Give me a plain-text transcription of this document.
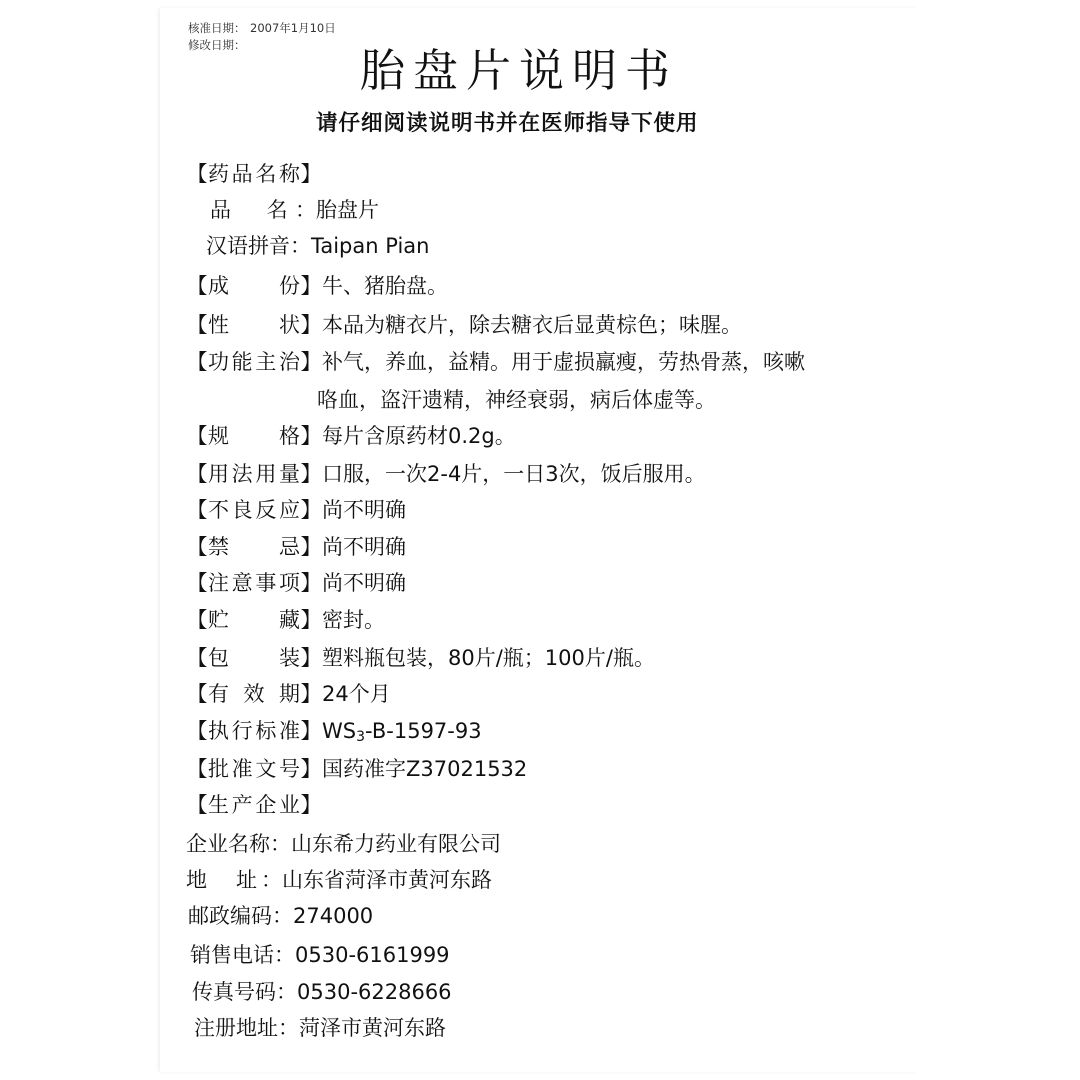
核准日期： 2007年1月10日
修改日期：	胎盘片说明书
请仔细阅读说明书并在医师指导下使用
【药品名称】
品　名：胎盘片
汉语拼音：Taipan Pian
【成份】牛、猪胎盘。
【性状】本品为糖衣片，除去糖衣后显黄棕色；味腥。
【功能主治】补气，养血，益精。用于虚损羸瘦，劳热骨蒸，咳嗽
咯血，盗汗遗精，神经衰弱，病后体虚等。
【规格】每片含原药材0.2g。
【用法用量】口服，一次2-4片，一日3次，饭后服用。
【不良反应】尚不明确
【禁忌】尚不明确
【注意事项】尚不明确
【贮藏】密封。
【包装】塑料瓶包装，80片/瓶；100片/瓶。
【有效期】24个月
【执行标准】$WS_3-B-1597-93$
【批准文号】国药准字Z37021532
【生产企业】
企业名称：山东希力药业有限公司
地　址：山东省菏泽市黄河东路
邮政编码：274000
销售电话：0530-6161999
传真号码：0530-6228666
注册地址：菏泽市黄河东路
